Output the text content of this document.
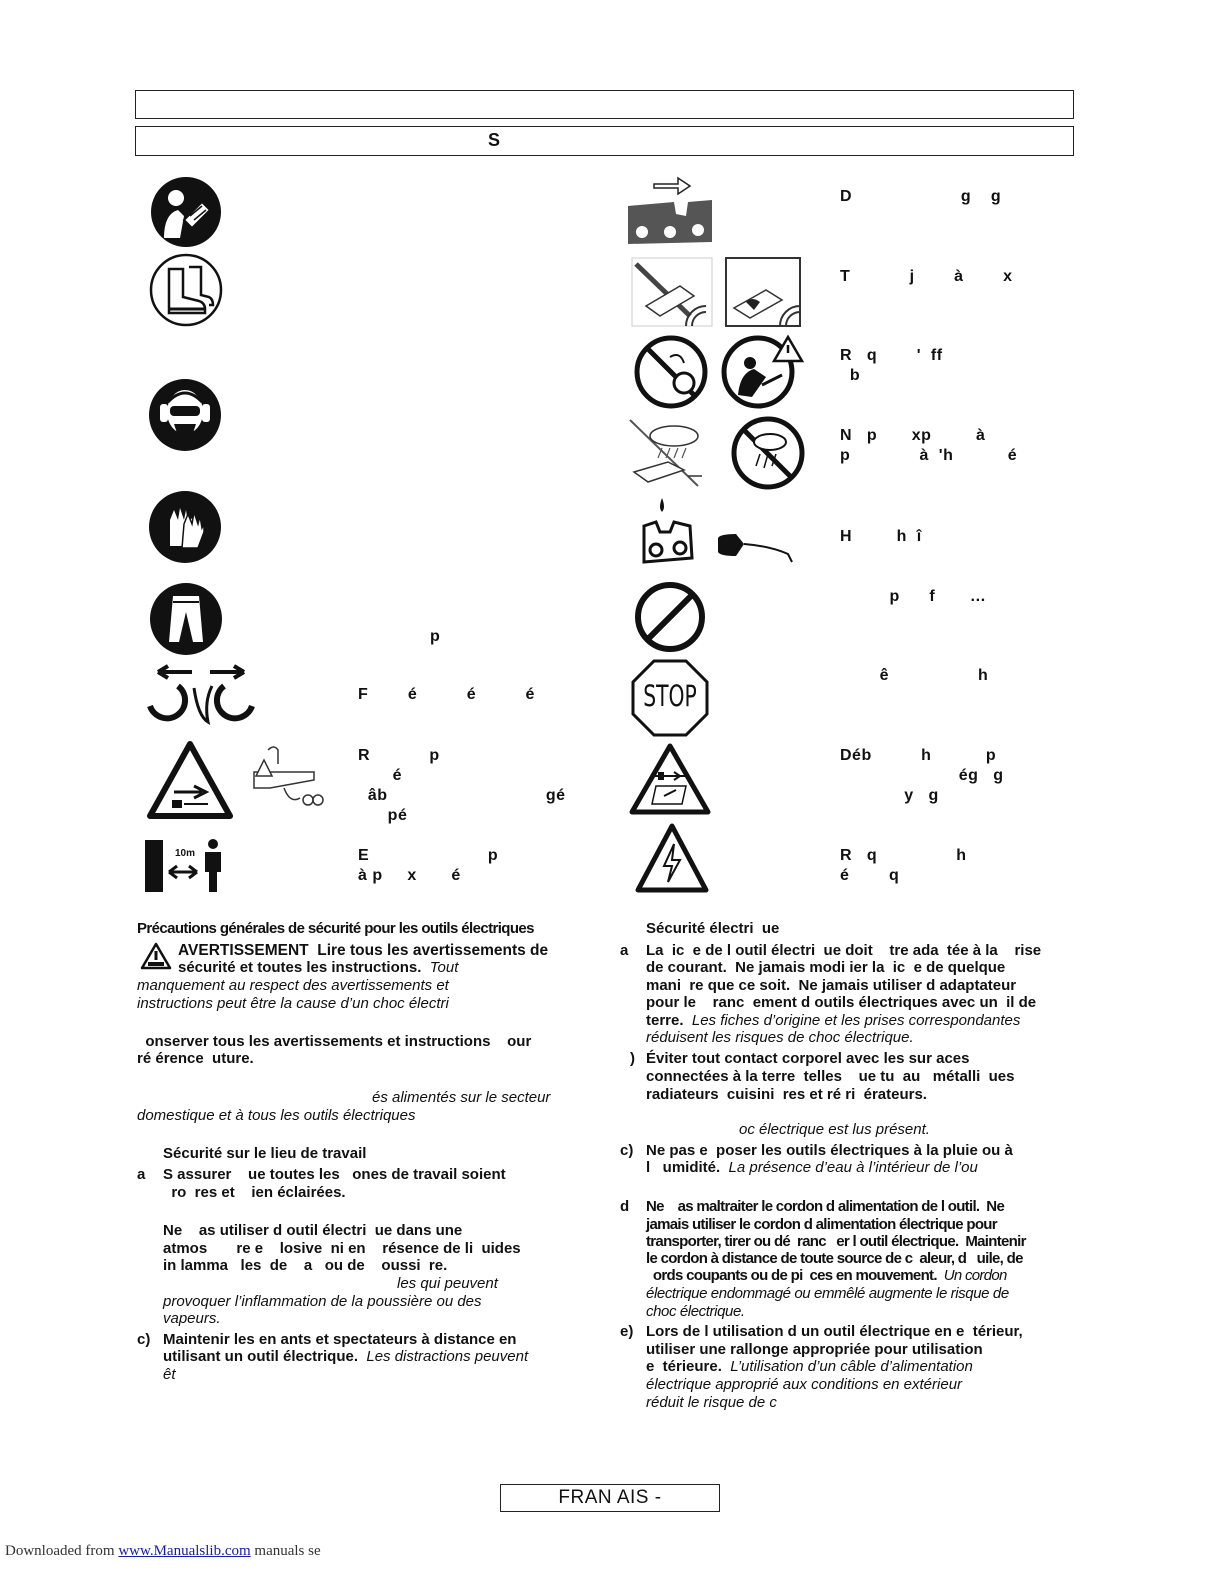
S
p
F        é          é          é
R            p
é
âb                                gé
pé
10m	E                        p
à p     x       é
D                      g    g
T            j        à        x
R   q        '  ff
b
N   p       xp         à
p              à  'h           é
H         h  î
p      f       …
STOP
ê                  h
Déb          h           p
ég   g
y   g
R   q                h
é        q
Précautions générales de sécurité pour les outils électriques
AVERTISSEMENT  Lire tous les avertissements de
sécurité et toutes les instructions.  Tout
manquement au respect des avertissements et
instructions peut être la cause d’un choc électri
onserver tous les avertissements et instructions    our
ré érence  uture.
és alimentés sur le secteur
domestique et à tous les outils électriques
Sécurité sur le lieu de travail
a S assurer    ue toutes les   ones de travail soient
ro  res et    ien éclairées.
Ne    as utiliser d outil électri  ue dans une
atmos       re e    losive  ni en    résence de li  uides
in lamma   les  de    a   ou de    oussi  re.
les qui peuvent
provoquer l’inflammation de la poussière ou des
vapeurs.
c) Maintenir les en ants et spectateurs à distance en
utilisant un outil électrique.  Les distractions peuvent
êt
Sécurité électri  ue
a La  ic  e de l outil électri  ue doit    tre ada  tée à la    rise
de courant.  Ne jamais modi ier la  ic  e de quelque
mani  re que ce soit.  Ne jamais utiliser d adaptateur
pour le    ranc  ement d outils électriques avec un  il de
terre.  Les fiches d’origine et les prises correspondantes
réduisent les risques de choc électrique.
) Éviter tout contact corporel avec les sur aces
connectées à la terre  telles    ue tu  au   métalli  ues
radiateurs  cuisini  res et ré ri  érateurs.
oc électrique est lus présent.
c) Ne pas e  poser les outils électriques à la pluie ou à
l   umidité.  La présence d’eau à l’intérieur de l’ou
d Ne    as maltraiter le cordon d alimentation de l outil.  Ne
jamais utiliser le cordon d alimentation électrique pour
transporter, tirer ou dé  ranc   er l outil électrique.  Maintenir
le cordon à distance de toute source de c  aleur, d   uile, de
ords coupants ou de pi  ces en mouvement.  Un cordon
électrique endommagé ou emmêlé augmente le risque de
choc électrique.
e) Lors de l utilisation d un outil électrique en e  térieur,
utiliser une rallonge appropriée pour utilisation
e  térieure.  L’utilisation d’un câble d’alimentation
électrique approprié aux conditions en extérieur
réduit le risque de c
FRAN AIS -
Downloaded from www.Manualslib.com manuals se
